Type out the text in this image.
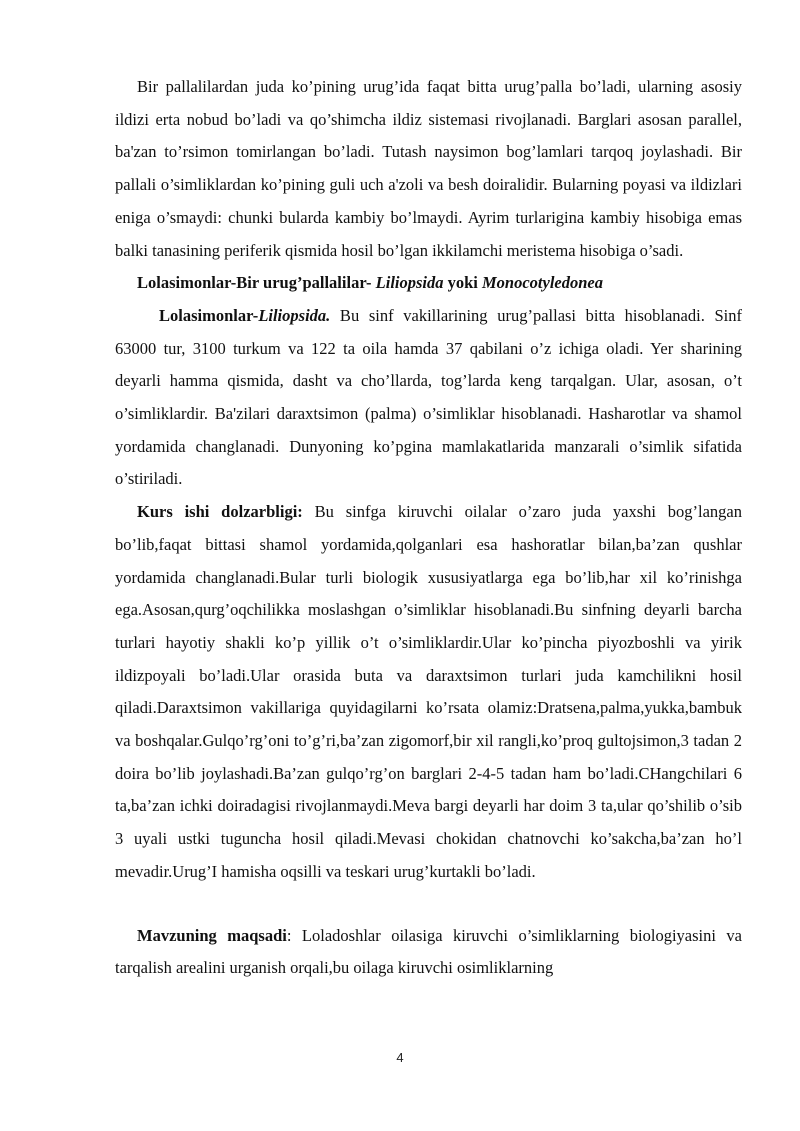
Bir pallalilardan juda ko’pining urug’ida faqat bitta urug’palla bo’ladi, ularning asosiy ildizi erta nobud bo’ladi va qo’shimcha ildiz sistemasi rivojlanadi. Barglari asosan parallel, ba'zan to’rsimon tomirlangan bo’ladi. Tutash naysimon bog’lamlari tarqoq joylashadi. Bir pallali o’simliklardan ko’pining guli uch a'zoli va besh doiralidir. Bularning poyasi va ildizlari eniga o’smaydi: chunki bularda kambiy bo’lmaydi. Ayrim turlarigina kambiy hisobiga emas balki tanasining periferik qismida hosil bo’lgan ikkilamchi meristema hisobiga o’sadi.

Lolasimonlar-Bir urug’pallalilar- Liliopsida yoki Monocotyledonea

Lolasimonlar-Liliopsida. Bu sinf vakillarining urug’pallasi bitta hisoblanadi. Sinf 63000 tur, 3100 turkum va 122 ta oila hamda 37 qabilani o’z ichiga oladi. Yer sharining deyarli hamma qismida, dasht va cho’llarda, tog’larda keng tarqalgan. Ular, asosan, o’t o’simliklardir. Ba'zilari daraxtsimon (palma) o’simliklar hisoblanadi. Hasharotlar va shamol yordamida changlanadi. Dunyoning ko’pgina mamlakatlarida manzarali o’simlik sifatida o’stiriladi.

Kurs ishi dolzarbligi: Bu sinfga kiruvchi oilalar o’zaro juda yaxshi bog’langan bo’lib,faqat bittasi shamol yordamida,qolganlari esa hashoratlar bilan,ba’zan qushlar yordamida changlanadi.Bular turli biologik xususiyatlarga ega bo’lib,har xil ko’rinishga ega.Asosan,qurg’oqchilikka moslashgan o’simliklar hisoblanadi.Bu sinfning deyarli barcha turlari hayotiy shakli ko’p yillik o’t o’simliklardir.Ular ko’pincha piyozboshli va yirik ildizpoyali bo’ladi.Ular orasida buta va daraxtsimon turlari juda kamchilikni hosil qiladi.Daraxtsimon vakillariga quyidagilarni ko’rsata olamiz:Dratsena,palma,yukka,bambuk va boshqalar.Gulqo’rg’oni to’g’ri,ba’zan zigomorf,bir xil rangli,ko’proq gultojsimon,3 tadan 2 doira bo’lib joylashadi.Ba’zan gulqo’rg’on barglari 2-4-5 tadan ham bo’ladi.CHangchilari 6 ta,ba’zan ichki doiradagisi rivojlanmaydi.Meva bargi deyarli har doim 3 ta,ular qo’shilib o’sib 3 uyali ustki tuguncha hosil qiladi.Mevasi chokidan chatnovchi ko’sakcha,ba’zan ho’l mevadir.Urug’I hamisha oqsilli va teskari urug’kurtakli bo’ladi.

Mavzuning maqsadi: Loladoshlar oilasiga kiruvchi o’simliklarning biologiyasini va tarqalish arealini urganish orqali,bu oilaga kiruvchi osimliklarning

4
